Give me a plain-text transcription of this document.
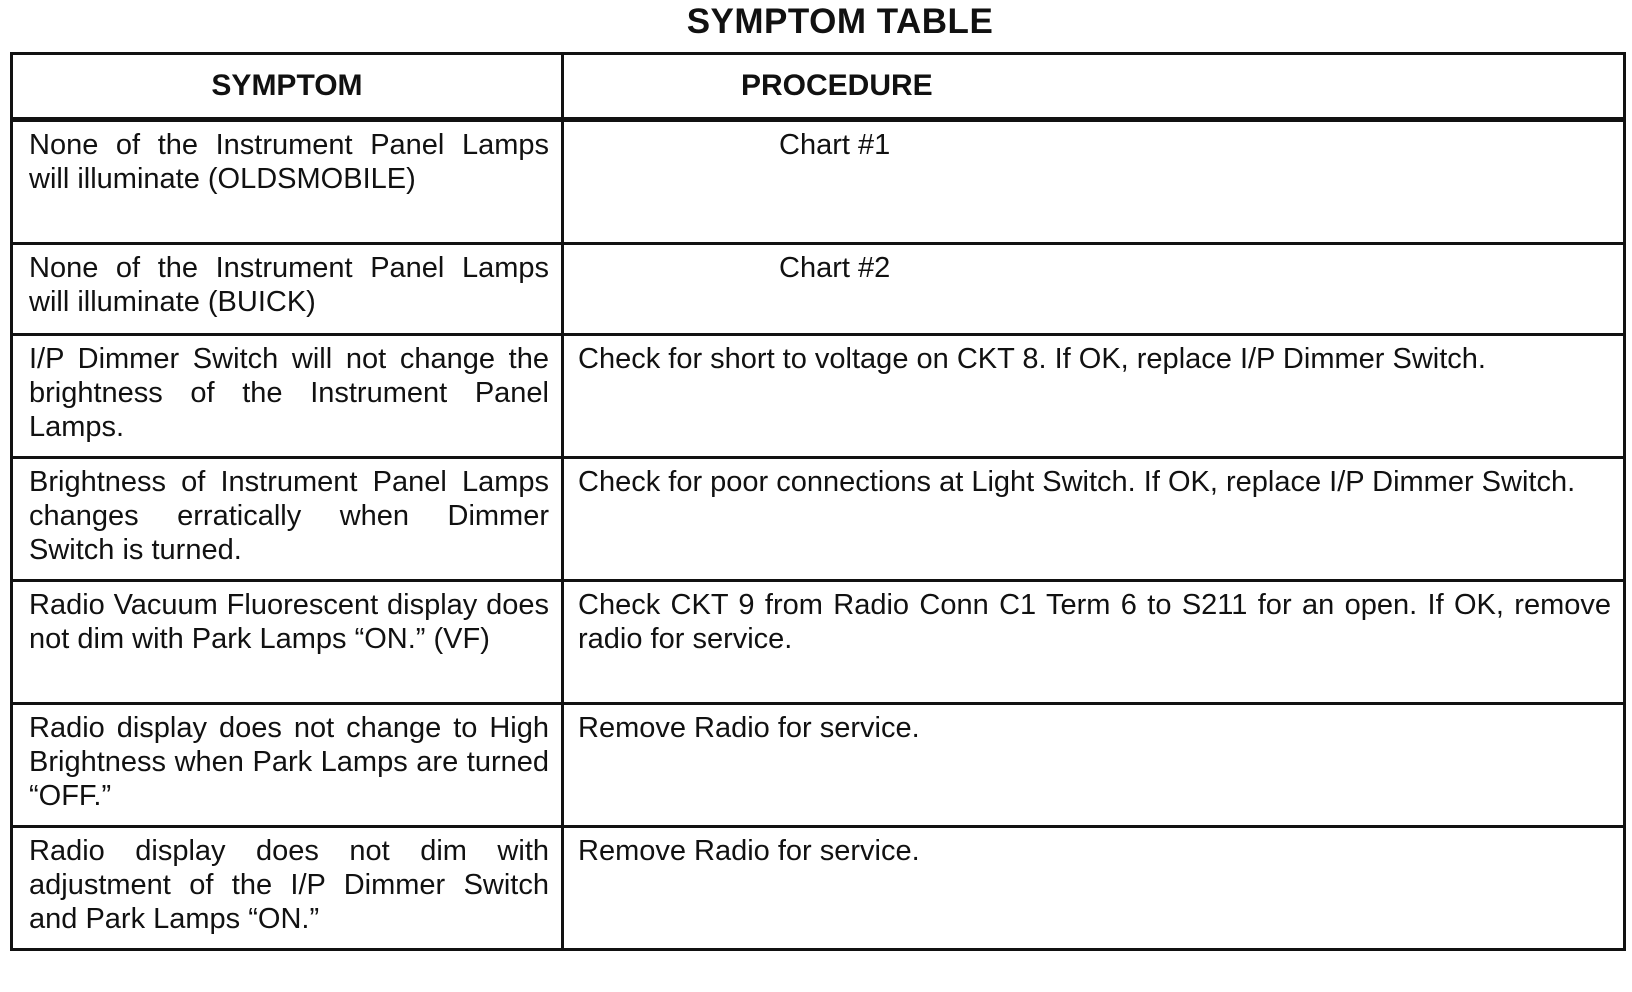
SYMPTOM TABLE
SYMPTOM	PROCEDURE
None of the Instrument Panel Lamps will illuminate (OLDSMOBILE)	Chart #1
None of the Instrument Panel Lamps will illuminate (BUICK)	Chart #2
I/P Dimmer Switch will not change the brightness of the Instrument Panel Lamps.	Check for short to voltage on CKT 8. If OK, replace I/P Dimmer Switch.
Brightness of Instrument Panel Lamps changes erratically when Dimmer Switch is turned.	Check for poor connections at Light Switch. If OK, replace I/P Dimmer Switch.
Radio Vacuum Fluorescent display does not dim with Park Lamps “ON.” (VF)	Check CKT 9 from Radio Conn C1 Term 6 to S211 for an open. If OK, remove radio for service.
Radio display does not change to High Brightness when Park Lamps are turned “OFF.”	Remove Radio for service.
Radio display does not dim with adjustment of the I/P Dimmer Switch and Park Lamps “ON.”	Remove Radio for service.
